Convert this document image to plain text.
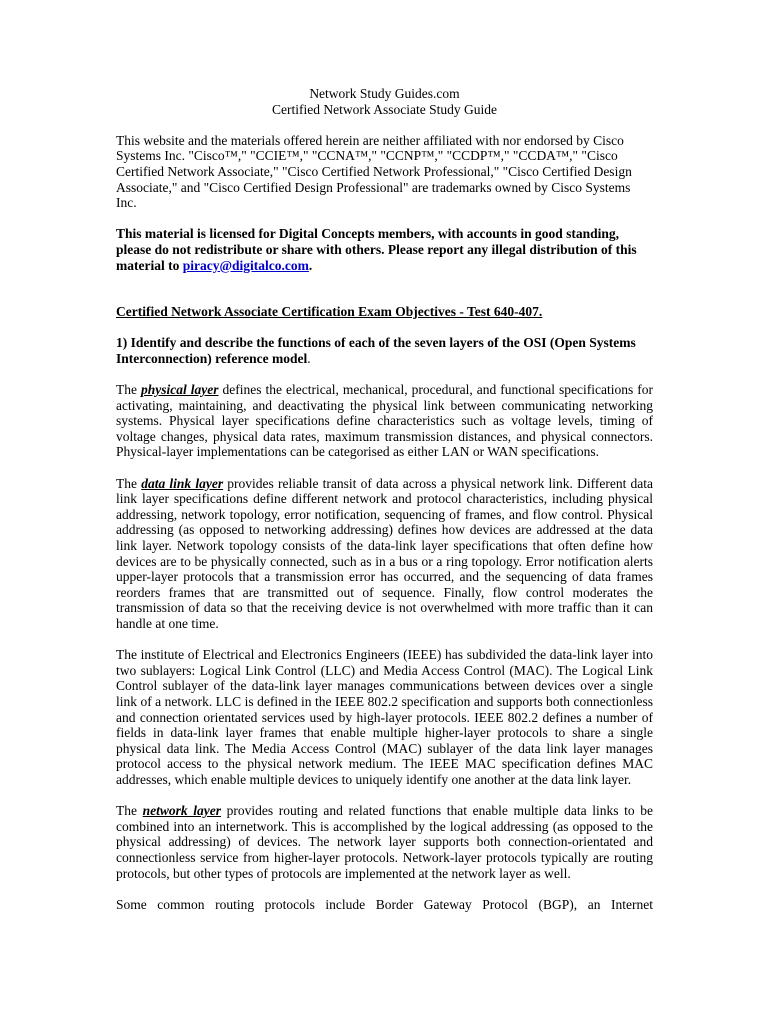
Network Study Guides.com
Certified Network Associate Study Guide

This website and the materials offered herein are neither affiliated with nor endorsed by Cisco Systems Inc. "Cisco™," "CCIE™," "CCNA™," "CCNP™," "CCDP™," "CCDA™," "Cisco Certified Network Associate," "Cisco Certified Network Professional," "Cisco Certified Design Associate," and "Cisco Certified Design Professional" are trademarks owned by Cisco Systems Inc.

This material is licensed for Digital Concepts members, with accounts in good standing, please do not redistribute or share with others. Please report any illegal distribution of this material to piracy@digitalco.com.

Certified Network Associate Certification Exam Objectives - Test 640-407.

1) Identify and describe the functions of each of the seven layers of the OSI (Open Systems Interconnection) reference model.

The physical layer defines the electrical, mechanical, procedural, and functional specifications for activating, maintaining, and deactivating the physical link between communicating networking systems. Physical layer specifications define characteristics such as voltage levels, timing of voltage changes, physical data rates, maximum transmission distances, and physical connectors. Physical-layer implementations can be categorised as either LAN or WAN specifications.

The data link layer provides reliable transit of data across a physical network link. Different data link layer specifications define different network and protocol characteristics, including physical addressing, network topology, error notification, sequencing of frames, and flow control. Physical addressing (as opposed to networking addressing) defines how devices are addressed at the data link layer. Network topology consists of the data-link layer specifications that often define how devices are to be physically connected, such as in a bus or a ring topology. Error notification alerts upper-layer protocols that a transmission error has occurred, and the sequencing of data frames reorders frames that are transmitted out of sequence. Finally, flow control moderates the transmission of data so that the receiving device is not overwhelmed with more traffic than it can handle at one time.

The institute of Electrical and Electronics Engineers (IEEE) has subdivided the data-link layer into two sublayers: Logical Link Control (LLC) and Media Access Control (MAC). The Logical Link Control sublayer of the data-link layer manages communications between devices over a single link of a network. LLC is defined in the IEEE 802.2 specification and supports both connectionless and connection orientated services used by high-layer protocols. IEEE 802.2 defines a number of fields in data-link layer frames that enable multiple higher-layer protocols to share a single physical data link. The Media Access Control (MAC) sublayer of the data link layer manages protocol access to the physical network medium. The IEEE MAC specification defines MAC addresses, which enable multiple devices to uniquely identify one another at the data link layer.

The network layer provides routing and related functions that enable multiple data links to be combined into an internetwork. This is accomplished by the logical addressing (as opposed to the physical addressing) of devices. The network layer supports both connection-orientated and connectionless service from higher-layer protocols. Network-layer protocols typically are routing protocols, but other types of protocols are implemented at the network layer as well.

Some common routing protocols include Border Gateway Protocol (BGP), an Internet
